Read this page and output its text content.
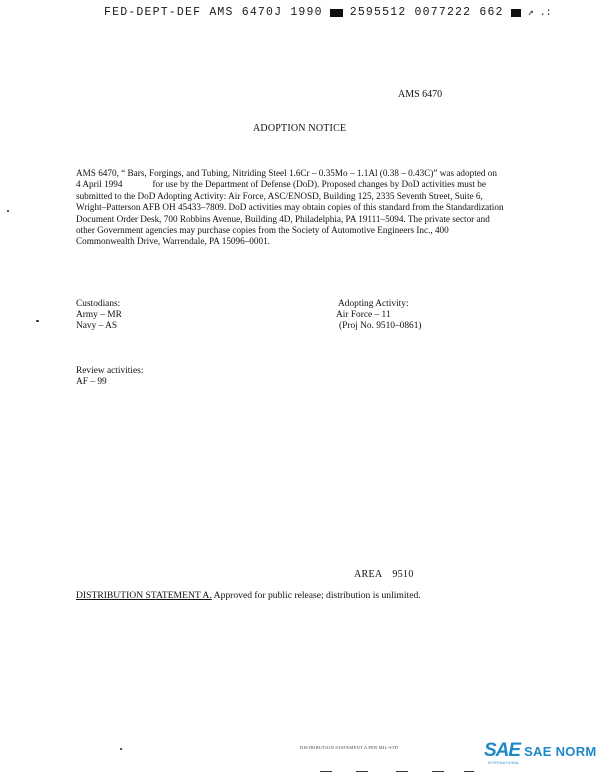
FED-DEPT-DEF AMS 6470J 1990 2595512 0077222 662 ↗ .:
AMS 6470
ADOPTION NOTICE
AMS 6470, “ Bars, Forgings, and Tubing, Nitriding Steel 1.6Cr – 0.35Mo – 1.1Al (0.38 – 0.43C)” was adopted on
4 April 1994	for use by the Department of Defense (DoD). Proposed changes by DoD activities must be
submitted to the DoD Adopting Activity: Air Force, ASC/ENOSD, Building 125, 2335 Seventh Street, Suite 6,
Wright–Patterson AFB OH 45433–7809. DoD activities may obtain copies of this standard from the Standardization
Document Order Desk, 700 Robbins Avenue, Building 4D, Philadelphia, PA 19111–5094. The private sector and
other Government agencies may purchase copies from the Society of Automotive Engineers Inc., 400
Commonwealth Drive, Warrendale, PA 15096–0001.
Custodians:
Army – MR
Navy – AS
Adopting Activity:
Air Force – 11
(Proj No. 9510–0861)
Review activities:
AF – 99
AREA 9510
DISTRIBUTION STATEMENT A. Approved for public release; distribution is unlimited.
DISTRIBUTION STATEMENT A PER MIL-STD	SAE SAE NORM
INTERNATIONAL
